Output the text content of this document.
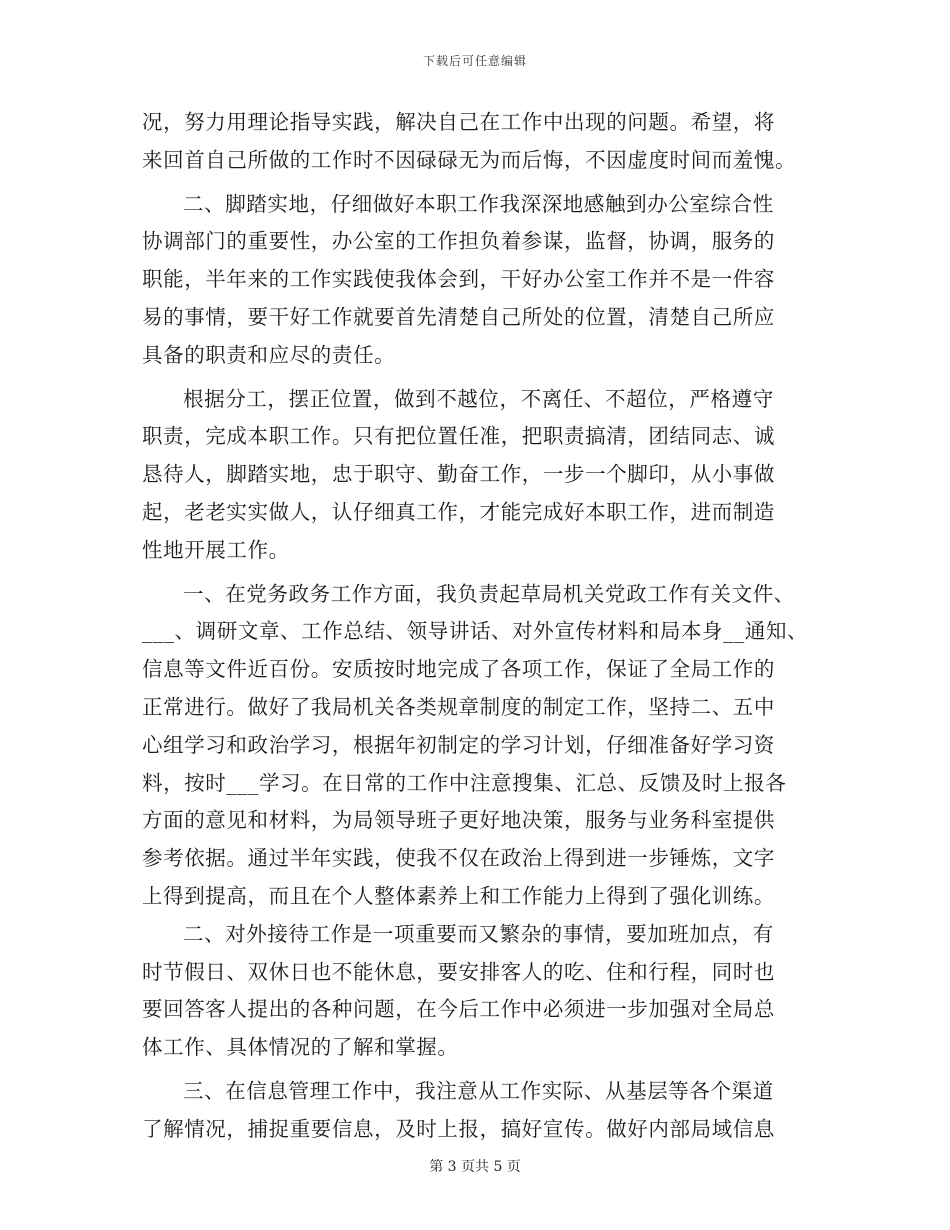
下载后可任意编辑
况，努力用理论指导实践，解决自己在工作中出现的问题。希望，将
来回首自己所做的工作时不因碌碌无为而后悔，不因虚度时间而羞愧。
二、脚踏实地，仔细做好本职工作我深深地感触到办公室综合性
协调部门的重要性，办公室的工作担负着参谋，监督，协调，服务的
职能，半年来的工作实践使我体会到，干好办公室工作并不是一件容
易的事情，要干好工作就要首先清楚自己所处的位置，清楚自己所应
具备的职责和应尽的责任。
根据分工，摆正位置，做到不越位，不离任、不超位，严格遵守
职责，完成本职工作。只有把位置任准，把职责搞清，团结同志、诚
恳待人，脚踏实地，忠于职守、勤奋工作，一步一个脚印，从小事做
起，老老实实做人，认仔细真工作，才能完成好本职工作，进而制造
性地开展工作。
一、在党务政务工作方面，我负责起草局机关党政工作有关文件、
___、调研文章、工作总结、领导讲话、对外宣传材料和局本身__通知、
信息等文件近百份。安质按时地完成了各项工作，保证了全局工作的
正常进行。做好了我局机关各类规章制度的制定工作，坚持二、五中
心组学习和政治学习，根据年初制定的学习计划，仔细准备好学习资
料，按时___学习。在日常的工作中注意搜集、汇总、反馈及时上报各
方面的意见和材料，为局领导班子更好地决策，服务与业务科室提供
参考依据。通过半年实践，使我不仅在政治上得到进一步锤炼，文字
上得到提高，而且在个人整体素养上和工作能力上得到了强化训练。
二、对外接待工作是一项重要而又繁杂的事情，要加班加点，有
时节假日、双休日也不能休息，要安排客人的吃、住和行程，同时也
要回答客人提出的各种问题，在今后工作中必须进一步加强对全局总
体工作、具体情况的了解和掌握。
三、在信息管理工作中，我注意从工作实际、从基层等各个渠道
了解情况，捕捉重要信息，及时上报，搞好宣传。做好内部局域信息
第 3 页共 5 页
